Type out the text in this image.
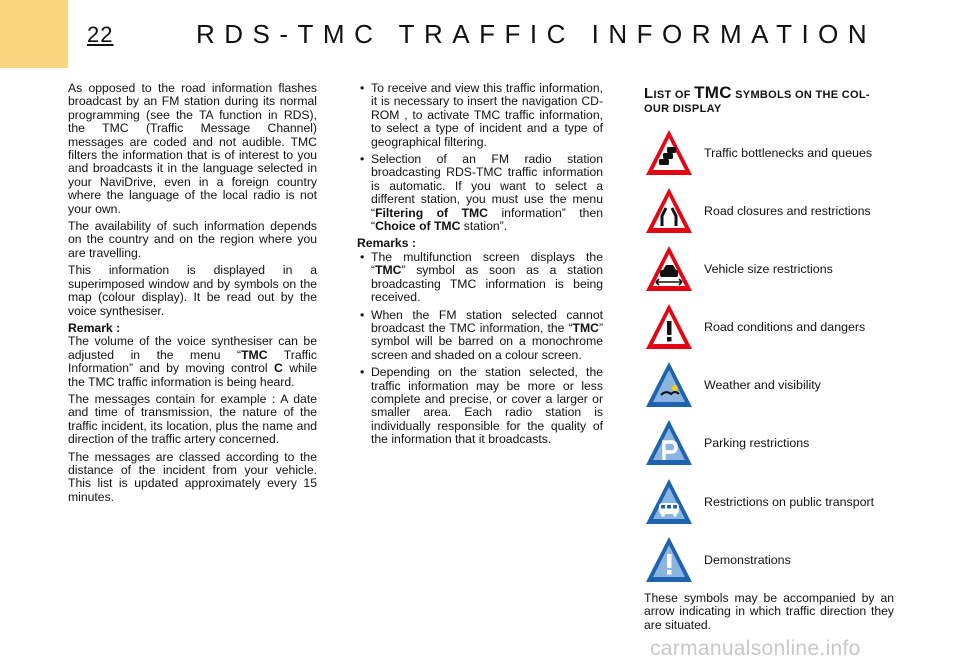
22	RDS-TMC TRAFFIC INFORMATION

As opposed to the road information flashes broadcast by an FM station during its normal programming (see the TA function in RDS), the TMC (Traffic Message Channel) messages are coded and not audible. TMC filters the information that is of interest to you and broadcasts it in the language selected in your NaviDrive, even in a foreign country where the language of the local radio is not your own.

The availability of such information depends on the country and on the region where you are travelling.

This information is displayed in a superimposed window and by symbols on the map (colour display). It be read out by the voice synthesiser.

Remark :

The volume of the voice synthesiser can be adjusted in the menu “TMC Traffic Information” and by moving control C while the TMC traffic information is being heard.

The messages contain for example : A date and time of transmission, the nature of the traffic incident, its location, plus the name and direction of the traffic artery concerned.

The messages are classed according to the distance of the incident from your vehicle. This list is updated approximately every 15 minutes.

• To receive and view this traffic information, it is necessary to insert the navigation CD-ROM , to activate TMC traffic information, to select a type of incident and a type of geographical filtering.
• Selection of an FM radio station broadcasting RDS-TMC traffic information is automatic. If you want to select a different station, you must use the menu “Filtering of TMC information” then “Choice of TMC station”.
Remarks :
• The multifunction screen displays the “TMC” symbol as soon as a station broadcasting TMC information is being received.
• When the FM station selected cannot broadcast the TMC information, the “TMC” symbol will be barred on a monochrome screen and shaded on a colour screen.
• Depending on the station selected, the traffic information may be more or less complete and precise, or cover a larger or smaller area. Each radio station is individually responsible for the quality of the information that it broadcasts.
LIST OF TMC SYMBOLS ON THE COL-
OUR DISPLAY
Traffic bottlenecks and queues
Road closures and restrictions
Vehicle size restrictions
Road conditions and dangers
Weather and visibility
Parking restrictions
Restrictions on public transport
Demonstrations
These symbols may be accompanied by an arrow indicating in which traffic direction they are situated.
carmanualsonline.info
